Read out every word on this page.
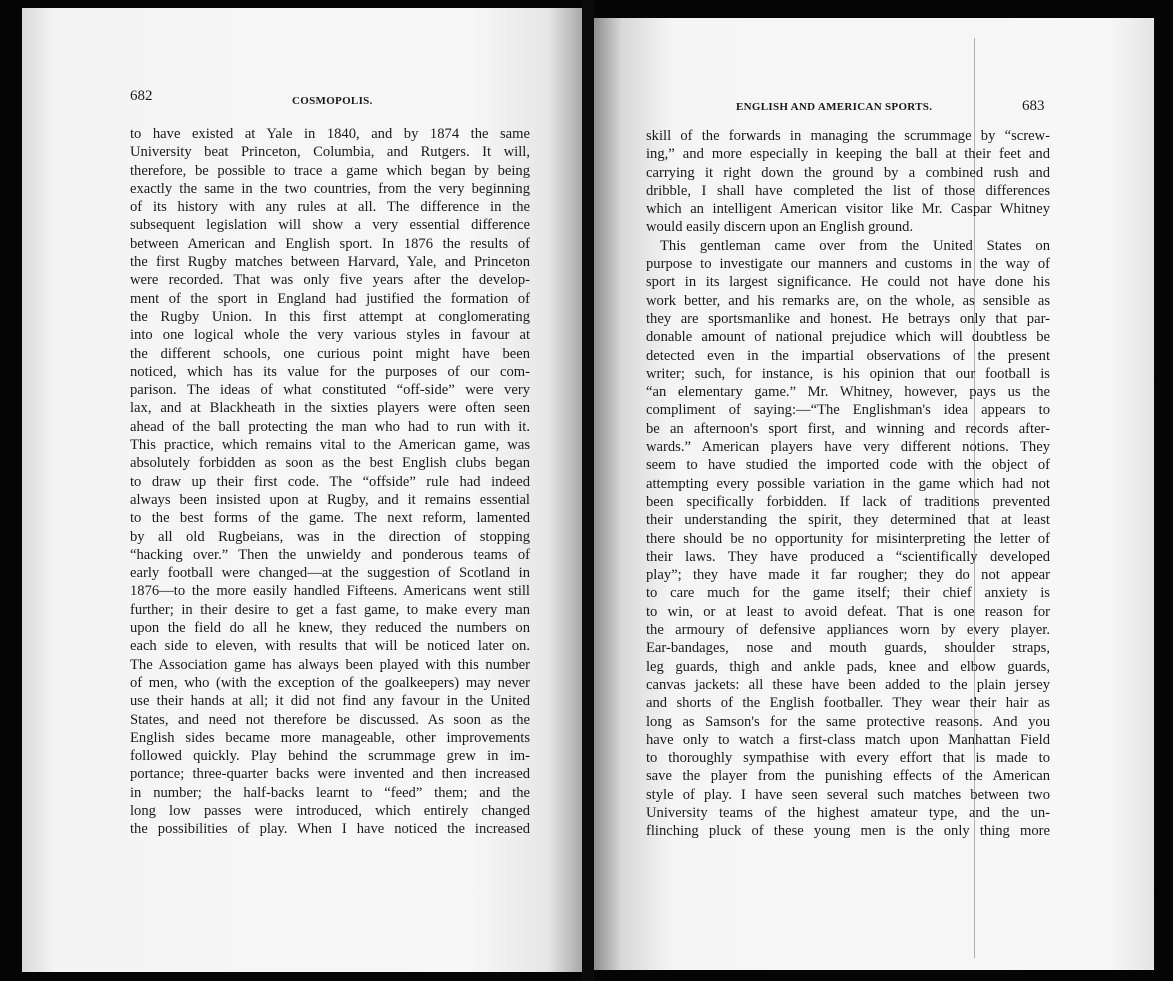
682	COSMOPOLIS.
to have existed at Yale in 1840, and by 1874 the same
University beat Princeton, Columbia, and Rutgers. It will,
therefore, be possible to trace a game which began by being
exactly the same in the two countries, from the very beginning
of its history with any rules at all. The difference in the
subsequent legislation will show a very essential difference
between American and English sport. In 1876 the results of
the first Rugby matches between Harvard, Yale, and Princeton
were recorded. That was only five years after the develop-
ment of the sport in England had justified the formation of
the Rugby Union. In this first attempt at conglomerating
into one logical whole the very various styles in favour at
the different schools, one curious point might have been
noticed, which has its value for the purposes of our com-
parison. The ideas of what constituted “off-side” were very
lax, and at Blackheath in the sixties players were often seen
ahead of the ball protecting the man who had to run with it.
This practice, which remains vital to the American game, was
absolutely forbidden as soon as the best English clubs began
to draw up their first code. The “offside” rule had indeed
always been insisted upon at Rugby, and it remains essential
to the best forms of the game. The next reform, lamented
by all old Rugbeians, was in the direction of stopping
“hacking over.” Then the unwieldy and ponderous teams of
early football were changed—at the suggestion of Scotland in
1876—to the more easily handled Fifteens. Americans went still
further; in their desire to get a fast game, to make every man
upon the field do all he knew, they reduced the numbers on
each side to eleven, with results that will be noticed later on.
The Association game has always been played with this number
of men, who (with the exception of the goalkeepers) may never
use their hands at all; it did not find any favour in the United
States, and need not therefore be discussed. As soon as the
English sides became more manageable, other improvements
followed quickly. Play behind the scrummage grew in im-
portance; three-quarter backs were invented and then increased
in number; the half-backs learnt to “feed” them; and the
long low passes were introduced, which entirely changed
the possibilities of play. When I have noticed the increased
ENGLISH AND AMERICAN SPORTS.	683
skill of the forwards in managing the scrummage by “screw-
ing,” and more especially in keeping the ball at their feet and
carrying it right down the ground by a combined rush and
dribble, I shall have completed the list of those differences
which an intelligent American visitor like Mr. Caspar Whitney
would easily discern upon an English ground.
This gentleman came over from the United States on
purpose to investigate our manners and customs in the way of
sport in its largest significance. He could not have done his
work better, and his remarks are, on the whole, as sensible as
they are sportsmanlike and honest. He betrays only that par-
donable amount of national prejudice which will doubtless be
detected even in the impartial observations of the present
writer; such, for instance, is his opinion that our football is
“an elementary game.” Mr. Whitney, however, pays us the
compliment of saying:—“The Englishman's idea appears to
be an afternoon's sport first, and winning and records after-
wards.” American players have very different notions. They
seem to have studied the imported code with the object of
attempting every possible variation in the game which had not
been specifically forbidden. If lack of traditions prevented
their understanding the spirit, they determined that at least
there should be no opportunity for misinterpreting the letter of
their laws. They have produced a “scientifically developed
play”; they have made it far rougher; they do not appear
to care much for the game itself; their chief anxiety is
to win, or at least to avoid defeat. That is one reason for
the armoury of defensive appliances worn by every player.
Ear-bandages, nose and mouth guards, shoulder straps,
leg guards, thigh and ankle pads, knee and elbow guards,
canvas jackets: all these have been added to the plain jersey
and shorts of the English footballer. They wear their hair as
long as Samson's for the same protective reasons. And you
have only to watch a first-class match upon Manhattan Field
to thoroughly sympathise with every effort that is made to
save the player from the punishing effects of the American
style of play. I have seen several such matches between two
University teams of the highest amateur type, and the un-
flinching pluck of these young men is the only thing more
